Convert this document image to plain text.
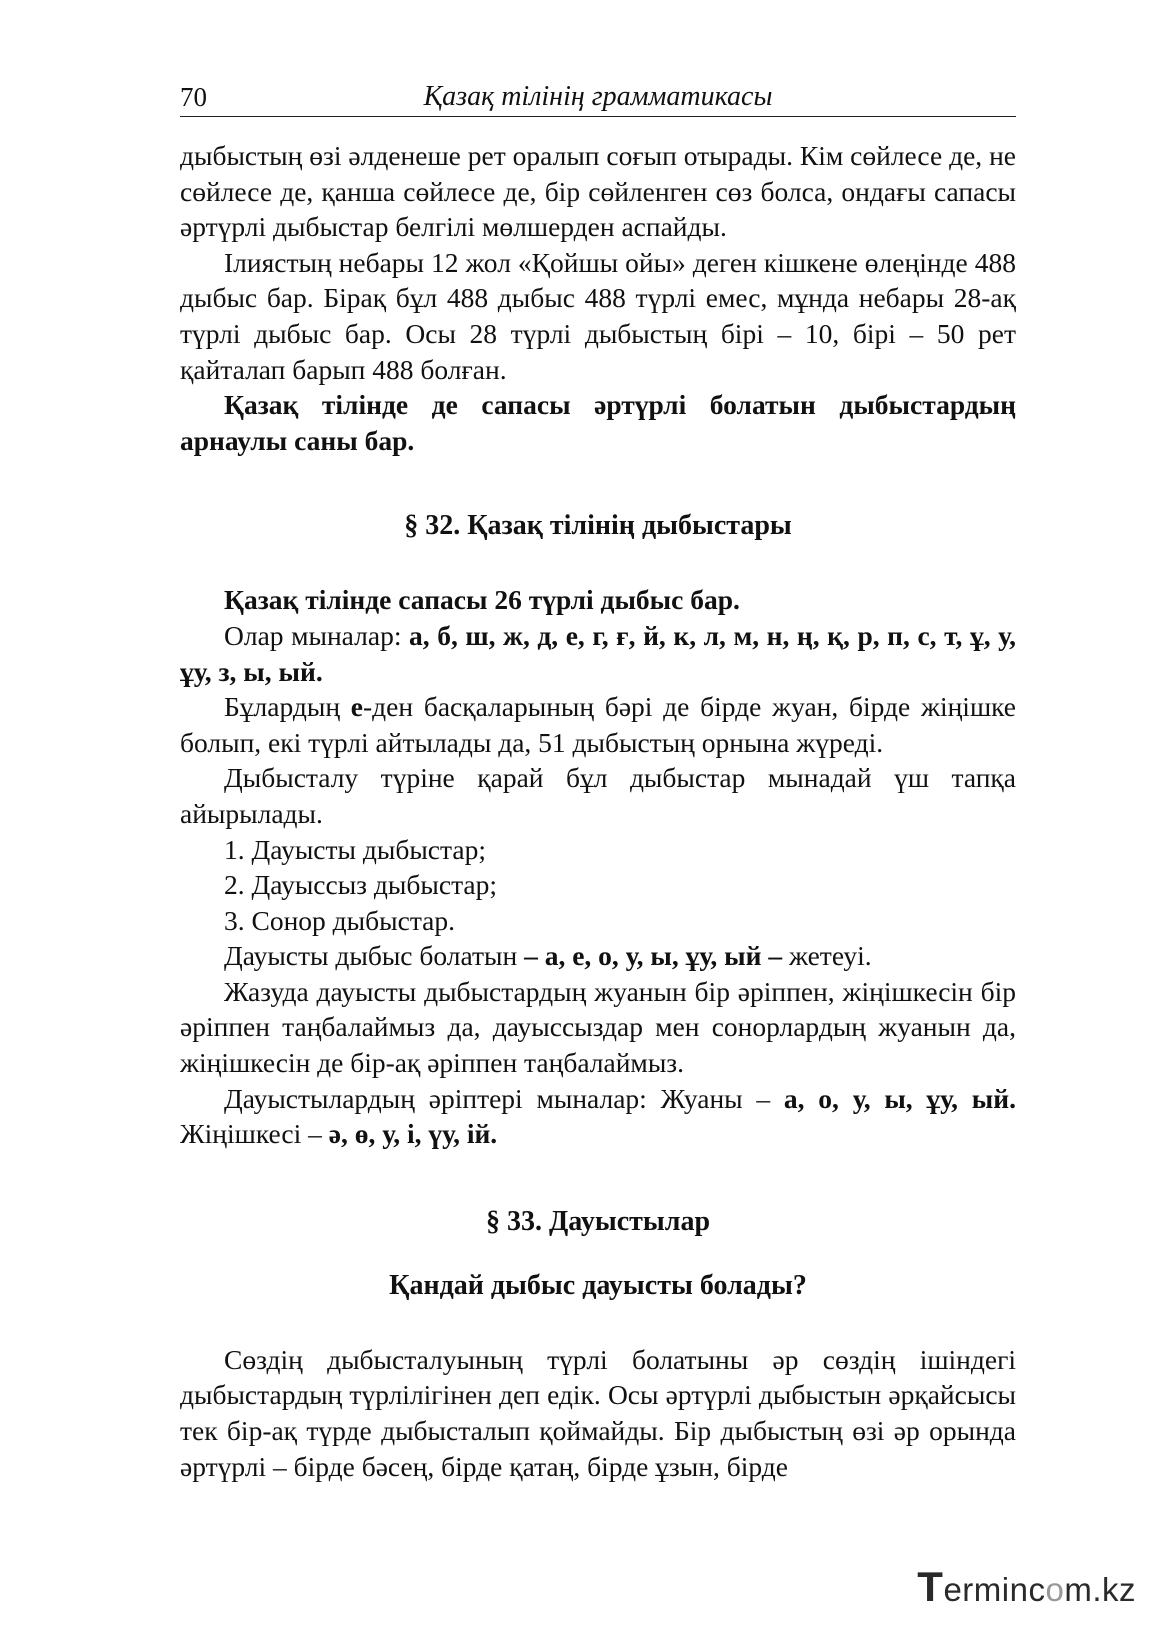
70	Қазақ тілінің грамматикасы

дыбыстың өзі әлденеше рет оралып соғып отырады. Кім сөйлесе де, не сөйлесе де, қанша сөйлесе де, бір сөйленген сөз болса, ондағы сапасы әртүрлі дыбыстар белгілі мөлшерден аспайды.

Ілиястың небары 12 жол «Қойшы ойы» деген кішкене өлеңінде 488 дыбыс бар. Бірақ бұл 488 дыбыс 488 түрлі емес, мұнда небары 28-ақ түрлі дыбыс бар. Осы 28 түрлі дыбыстың бірі – 10, бірі – 50 рет қайталап барып 488 болған.

Қазақ тілінде де сапасы әртүрлі болатын дыбыстардың арнаулы саны бар.

§ 32. Қазақ тілінің дыбыстары

Қазақ тілінде сапасы 26 түрлі дыбыс бар.

Олар мыналар: а, б, ш, ж, д, е, г, ғ, й, к, л, м, н, ң, қ, р, п, с, т, ұ, у, ұу, з, ы, ый.

Бұлардың е-ден басқаларының бәрі де бірде жуан, бірде жіңішке болып, екі түрлі айтылады да, 51 дыбыстың орнына жүреді.

Дыбысталу түріне қарай бұл дыбыстар мынадай үш тапқа айырылады.

1. Дауысты дыбыстар;

2. Дауыссыз дыбыстар;

3. Сонор дыбыстар.

Дауысты дыбыс болатын – а, е, о, у, ы, ұу, ый – жетеуі.

Жазуда дауысты дыбыстардың жуанын бір әріппен, жіңішкесін бір әріппен таңбалаймыз да, дауыссыздар мен сонорлардың жуанын да, жіңішкесін де бір-ақ әріппен таңбалаймыз.

Дауыстылардың әріптері мыналар: Жуаны – а, о, у, ы, ұу, ый. Жіңішкесі – ә, ө, у, і, үу, ій.

§ 33. Дауыстылар
Қандай дыбыс дауысты болады?

Сөздің дыбысталуының түрлі болатыны әр сөздің ішіндегі дыбыстардың түрлілігінен деп едік. Осы әртүрлі дыбыстын әрқайсысы тек бір-ақ түрде дыбысталып қоймайды. Бір дыбыстың өзі әр орында әртүрлі – бірде бәсең, бірде қатаң, бірде ұзын, бірде

Termincom.kz
